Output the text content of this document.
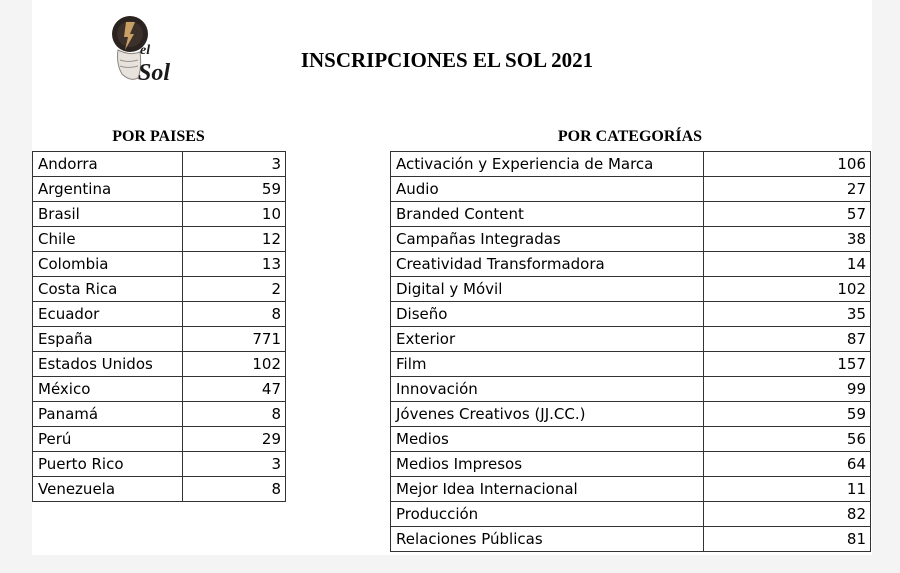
el
Sol	INSCRIPCIONES EL SOL 2021
POR PAISES	POR CATEGORÍAS
Andorra	3
Argentina	59
Brasil	10
Chile	12
Colombia	13
Costa Rica	2
Ecuador	8
España	771
Estados Unidos	102
México	47
Panamá	8
Perú	29
Puerto Rico	3
Venezuela	8
Activación y Experiencia de Marca	106
Audio	27
Branded Content	57
Campañas Integradas	38
Creatividad Transformadora	14
Digital y Móvil	102
Diseño	35
Exterior	87
Film	157
Innovación	99
Jóvenes Creativos (JJ.CC.)	59
Medios	56
Medios Impresos	64
Mejor Idea Internacional	11
Producción	82
Relaciones Públicas	81
